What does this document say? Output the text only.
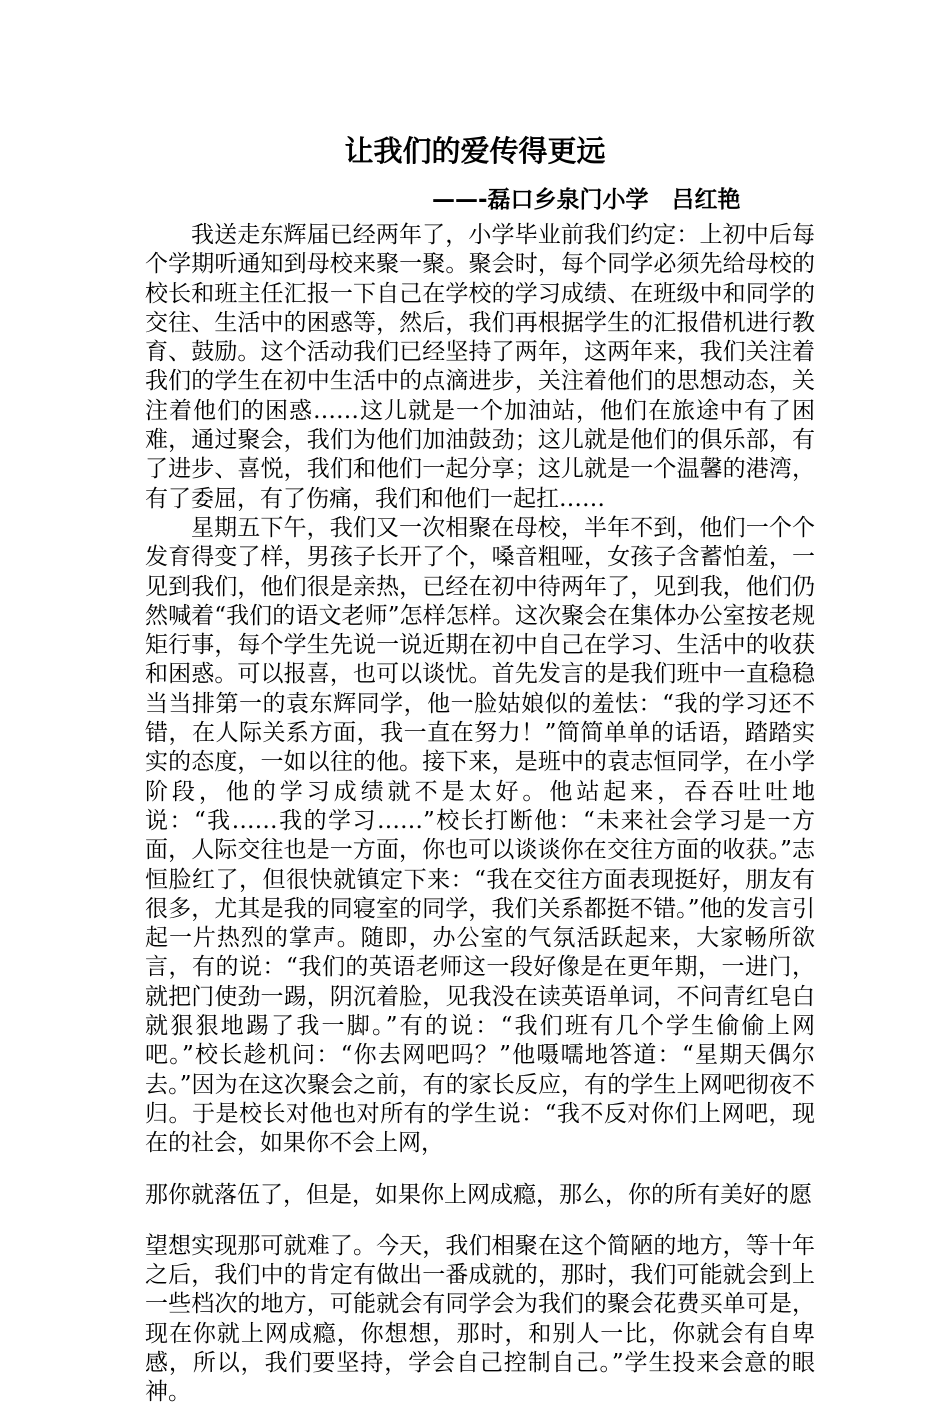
让我们的爱传得更远
——-磊口乡泉门小学　吕红艳

我送走东辉届已经两年了，小学毕业前我们约定：上初中后每个学期听通知到母校来聚一聚。聚会时，每个同学必须先给母校的校长和班主任汇报一下自己在学校的学习成绩、在班级中和同学的交往、生活中的困惑等，然后，我们再根据学生的汇报借机进行教育、鼓励。这个活动我们已经坚持了两年，这两年来，我们关注着我们的学生在初中生活中的点滴进步，关注着他们的思想动态，关注着他们的困惑……这儿就是一个加油站，他们在旅途中有了困难，通过聚会，我们为他们加油鼓劲；这儿就是他们的俱乐部，有了进步、喜悦，我们和他们一起分享；这儿就是一个温馨的港湾，有了委屈，有了伤痛，我们和他们一起扛……

星期五下午，我们又一次相聚在母校，半年不到，他们一个个发育得变了样，男孩子长开了个，嗓音粗哑，女孩子含蓄怕羞，一见到我们，他们很是亲热，已经在初中待两年了，见到我，他们仍然喊着“我们的语文老师”怎样怎样。这次聚会在集体办公室按老规矩行事，每个学生先说一说近期在初中自己在学习、生活中的收获和困惑。可以报喜，也可以谈忧。首先发言的是我们班中一直稳稳当当排第一的袁东辉同学，他一脸姑娘似的羞怯：“我的学习还不错，在人际关系方面，我一直在努力！”简简单单的话语，踏踏实实的态度，一如以往的他。接下来，是班中的袁志恒同学，在小学阶段，他的学习成绩就不是太好。他站起来，吞吞吐吐地说：“我……我的学习……”校长打断他：“未来社会学习是一方面，人际交往也是一方面，你也可以谈谈你在交往方面的收获。”志恒脸红了，但很快就镇定下来：“我在交往方面表现挺好，朋友有很多，尤其是我的同寝室的同学，我们关系都挺不错。”他的发言引起一片热烈的掌声。随即，办公室的气氛活跃起来，大家畅所欲言，有的说：“我们的英语老师这一段好像是在更年期，一进门，就把门使劲一踢，阴沉着脸，见我没在读英语单词，不问青红皂白就狠狠地踢了我一脚。”有的说：“我们班有几个学生偷偷上网吧。”校长趁机问：“你去网吧吗？”他嗫嚅地答道：“星期天偶尔去。”因为在这次聚会之前，有的家长反应，有的学生上网吧彻夜不归。于是校长对他也对所有的学生说：“我不反对你们上网吧，现在的社会，如果你不会上网，

那你就落伍了，但是，如果你上网成瘾，那么，你的所有美好的愿
望想实现那可就难了。今天，我们相聚在这个简陋的地方，等十年之后，我们中的肯定有做出一番成就的，那时，我们可能就会到上一些档次的地方，可能就会有同学会为我们的聚会花费买单可是，现在你就上网成瘾，你想想，那时，和别人一比，你就会有自卑感，所以，我们要坚持，学会自己控制自己。”学生投来会意的眼神。
